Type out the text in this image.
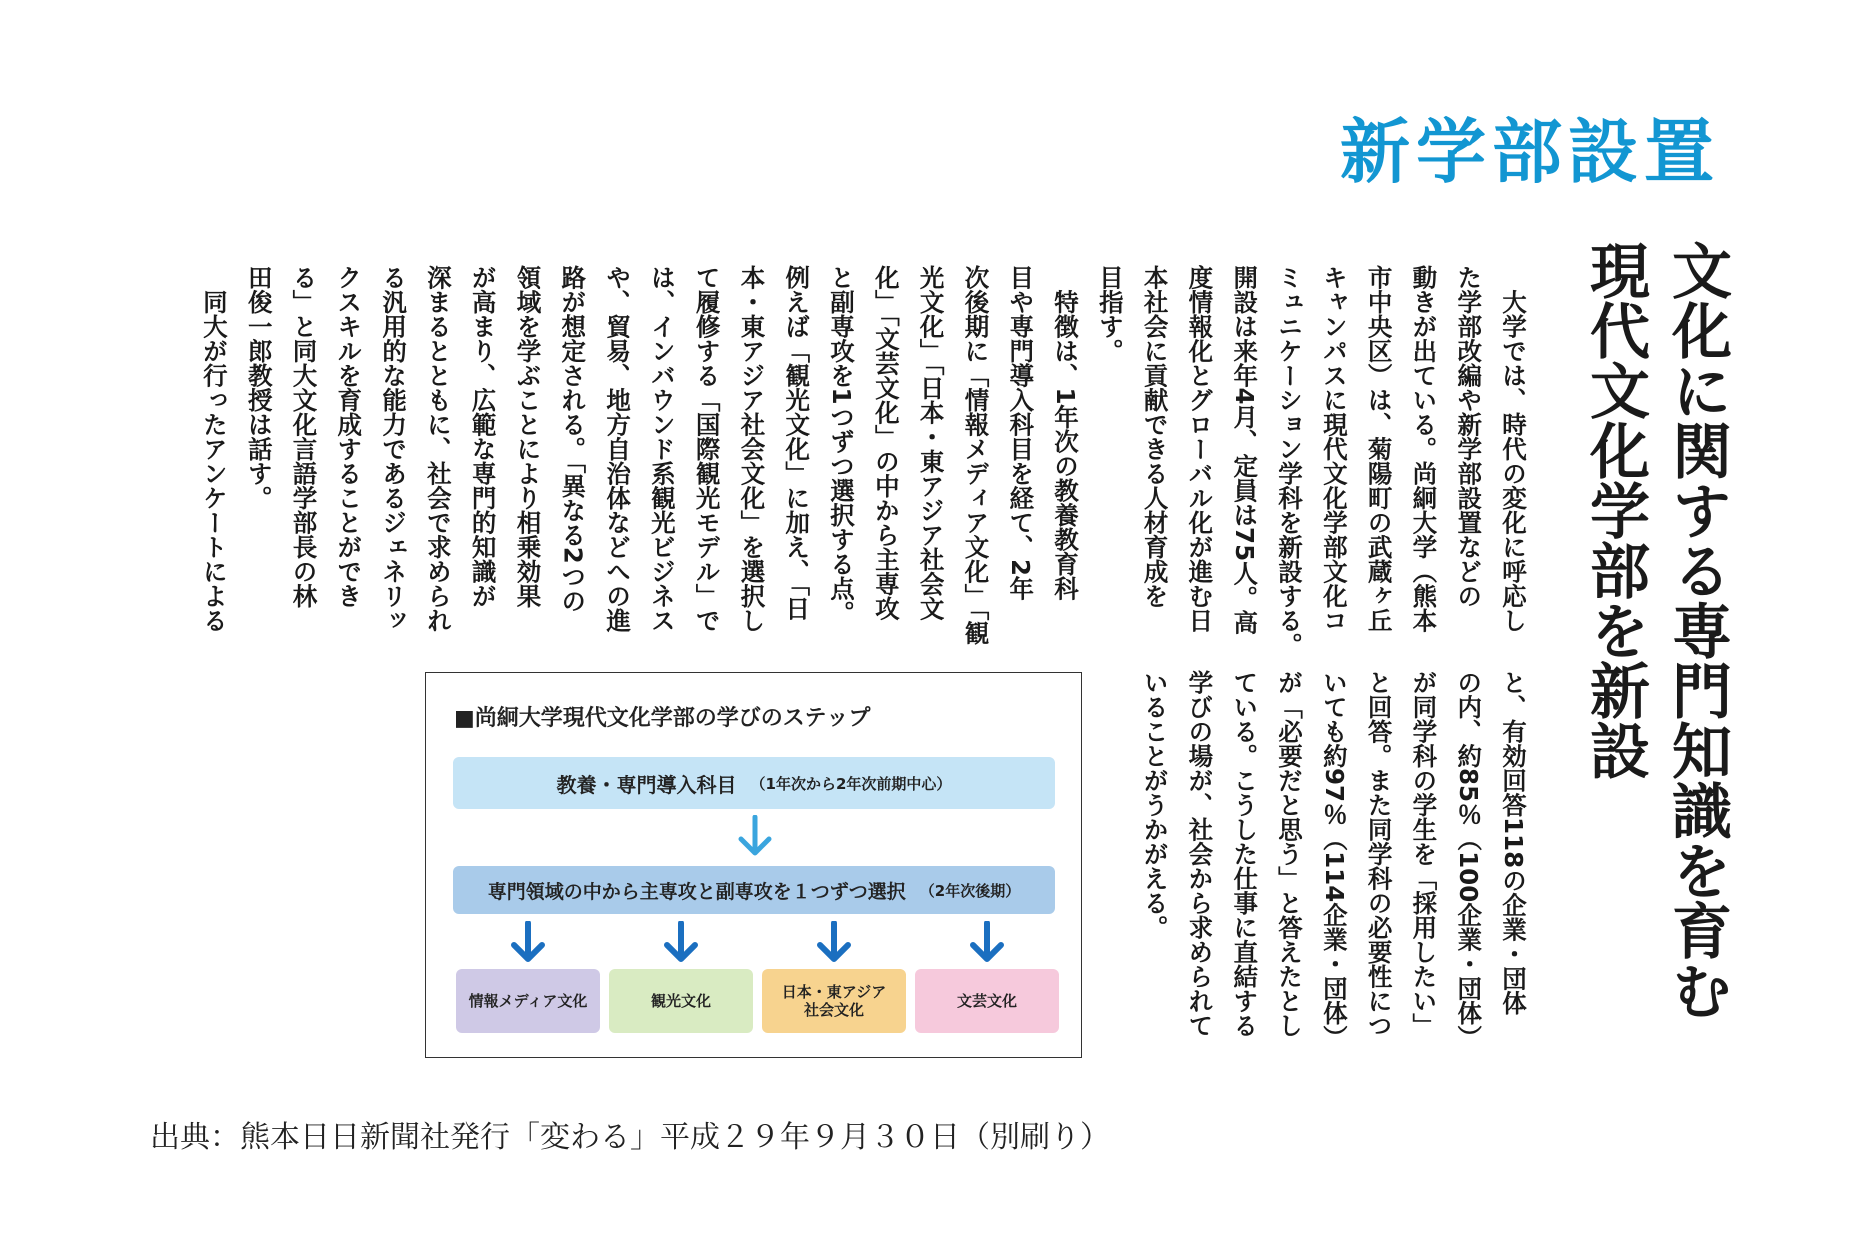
新学部設置
文化に関する専門知識を育む
現代文化学部を新設
　大学では、時代の変化に呼応し
た学部改編や新学部設置などの
動きが出ている。尚絅大学（熊本
市中央区）は、菊陽町の武蔵ヶ丘
キャンパスに現代文化学部文化コ
ミュニケーション学科を新設する。
開設は来年4月、定員は75人。高
度情報化とグローバル化が進む日
本社会に貢献できる人材育成を
目指す。
　特徴は、1年次の教養教育科
目や専門導入科目を経て、2年
次後期に「情報メディア文化」「観
光文化」「日本・東アジア社会文
化」「文芸文化」の中から主専攻
と副専攻を1つずつ選択する点。
例えば「観光文化」に加え、「日
本・東アジア社会文化」を選択し
て履修する「国際観光モデル」で
は、インバウンド系観光ビジネス
や、貿易、地方自治体などへの進
路が想定される。「異なる2つの
領域を学ぶことにより相乗効果
が高まり、広範な専門的知識が
深まるとともに、社会で求められ
る汎用的な能力であるジェネリッ
クスキルを育成することができ
る」と同大文化言語学部長の林
田俊一郎教授は話す。
　同大が行ったアンケートによる
と、有効回答118の企業・団体
の内、約85％（100企業・団体）
が同学科の学生を「採用したい」
と回答。また同学科の必要性につ
いても約97％（114企業・団体）
が「必要だと思う」と答えたとし
ている。こうした仕事に直結する
学びの場が、社会から求められて
いることがうかがえる。
■尚絅大学現代文化学部の学びのステップ
教養・専門導入科目 （1年次から2年次前期中心）
専門領域の中から主専攻と副専攻を１つずつ選択 （2年次後期）
情報メディア文化	観光文化	日本・東アジア
社会文化	文芸文化
出典：熊本日日新聞社発行「変わる」平成２９年９月３０日（別刷り）
